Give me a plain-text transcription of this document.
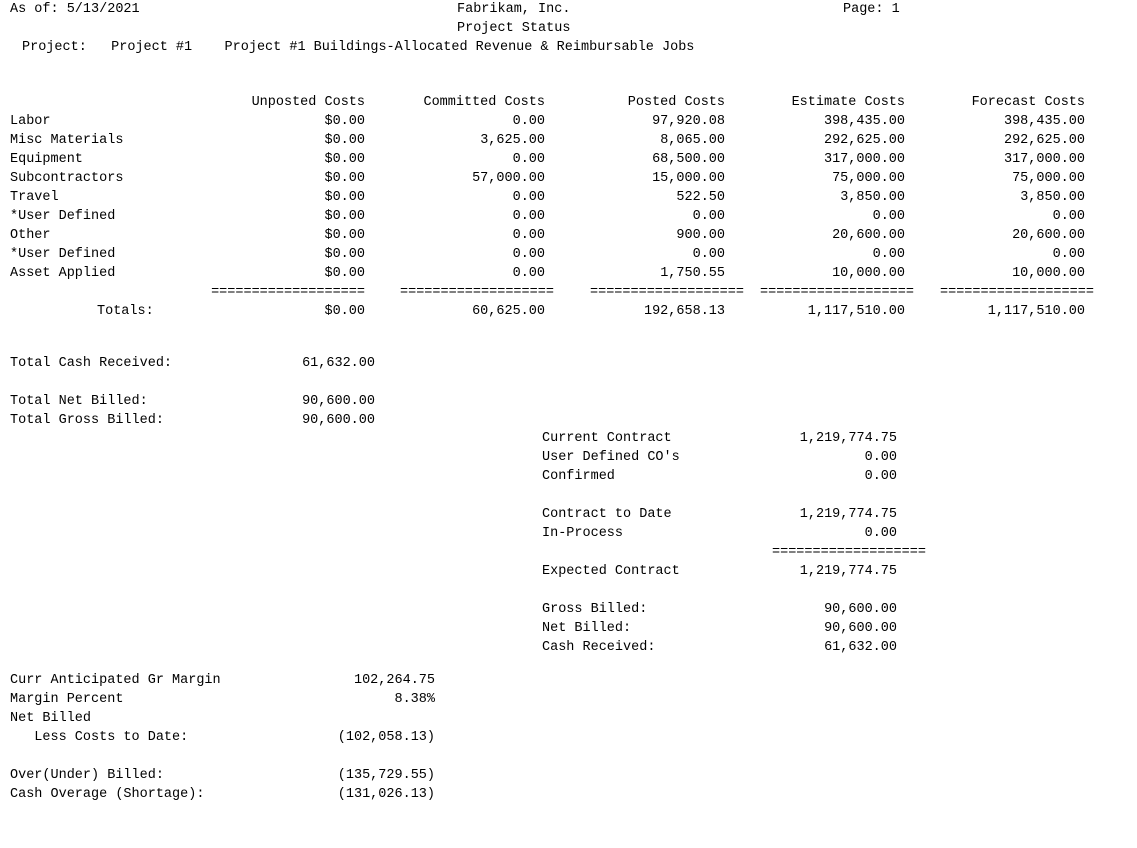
As of: 5/13/2021	Fabrikam, Inc.	Page: 1
Project Status
Project:   Project #1    Project #1 Buildings-Allocated Revenue & Reimbursable Jobs
Unposted Costs	Committed Costs	Posted Costs	Estimate Costs	Forecast Costs
Labor	$0.00	0.00	97,920.08	398,435.00	398,435.00
Misc Materials	$0.00	3,625.00	8,065.00	292,625.00	292,625.00
Equipment	$0.00	0.00	68,500.00	317,000.00	317,000.00
Subcontractors	$0.00	57,000.00	15,000.00	75,000.00	75,000.00
Travel	$0.00	0.00	522.50	3,850.00	3,850.00
*User Defined	$0.00	0.00	0.00	0.00	0.00
Other	$0.00	0.00	900.00	20,600.00	20,600.00
*User Defined	$0.00	0.00	0.00	0.00	0.00
Asset Applied	$0.00	0.00	1,750.55	10,000.00	10,000.00
===================	===================	=================== =================== ===================
Totals:	$0.00	60,625.00	192,658.13	1,117,510.00	1,117,510.00
Total Cash Received:	61,632.00
Total Net Billed:	90,600.00
Total Gross Billed:	90,600.00
Current Contract	1,219,774.75
User Defined CO's	0.00
Confirmed	0.00
Contract to Date	1,219,774.75
In-Process	0.00
===================
Expected Contract	1,219,774.75
Gross Billed:	90,600.00
Net Billed:	90,600.00
Cash Received:	61,632.00
Curr Anticipated Gr Margin	102,264.75
Margin Percent	8.38%
Net Billed
Less Costs to Date:	(102,058.13)
Over(Under) Billed:	(135,729.55)
Cash Overage (Shortage):	(131,026.13)
